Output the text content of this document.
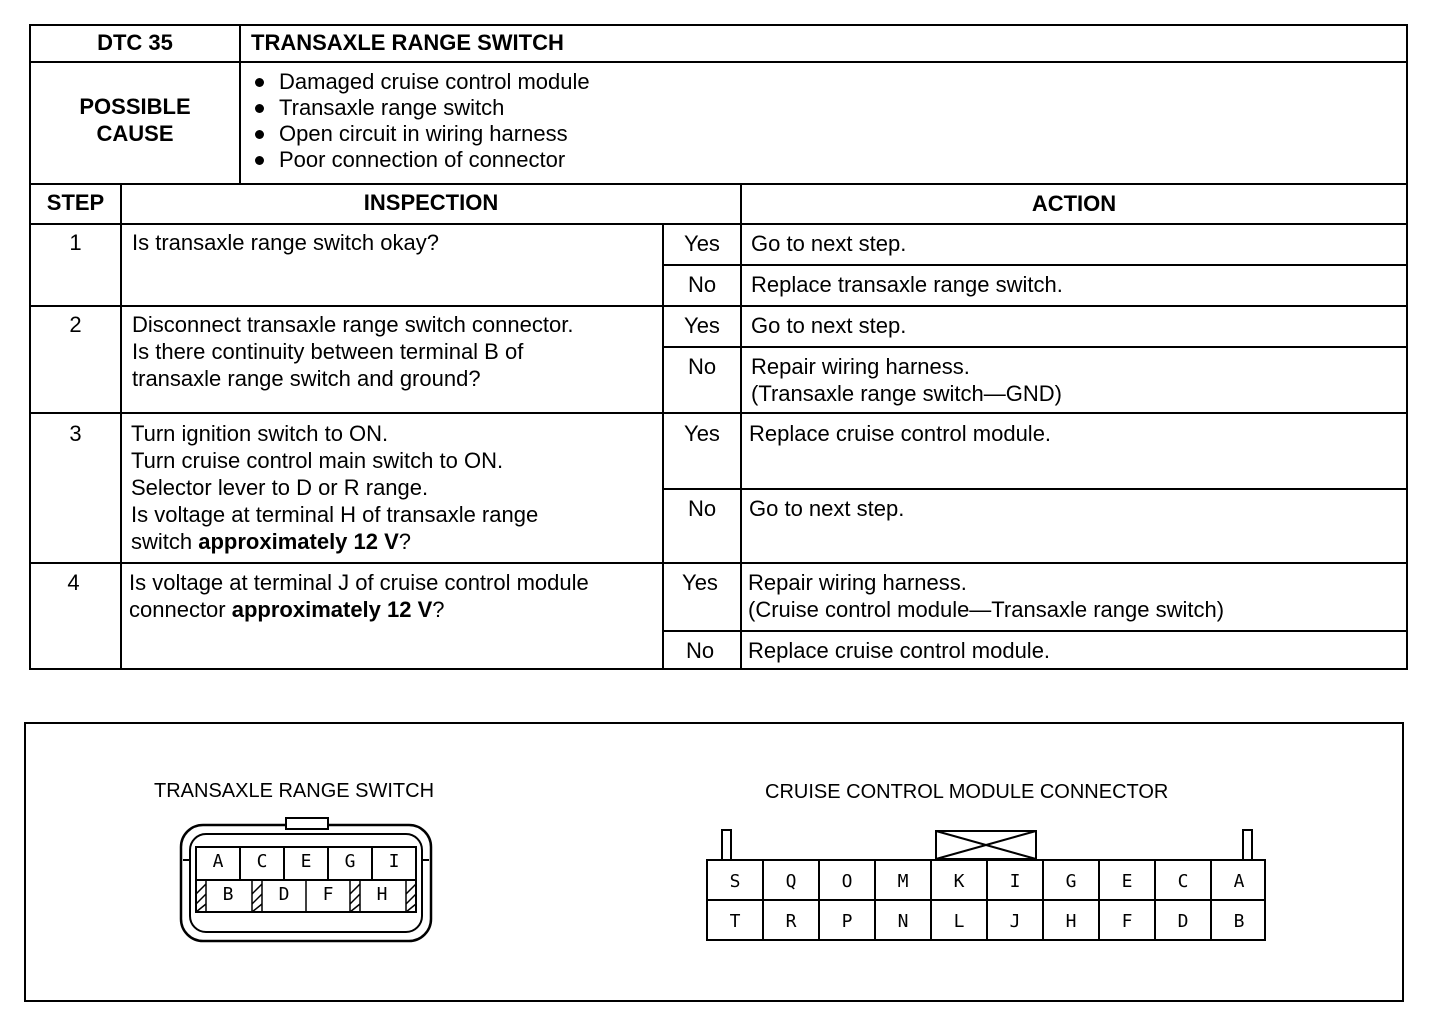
DTC 35	TRANSAXLE RANGE SWITCH
POSSIBLE
CAUSE
Damaged cruise control module
Transaxle range switch
Open circuit in wiring harness
Poor connection of connector
STEP	INSPECTION	ACTION
1	Is transaxle range switch okay?	Yes	Go to next step.
No	Replace transaxle range switch.
2	Disconnect transaxle range switch connector.
Is there continuity between terminal B of
transaxle range switch and ground?
Yes	Go to next step.
No	Repair wiring harness.
(Transaxle range switch—GND)
3	Turn ignition switch to ON.
Turn cruise control main switch to ON.
Selector lever to D or R range.
Is voltage at terminal H of transaxle range
switch approximately 12 V?
Yes	Replace cruise control module.
No	Go to next step.
4	Is voltage at terminal J of cruise control module
connector approximately 12 V?
Yes	Repair wiring harness.
(Cruise control module—Transaxle range switch)
No	Replace cruise control module.
TRANSAXLE RANGE SWITCH	CRUISE CONTROL MODULE CONNECTOR
A	C	E	G	I
B	D	F	H
S	Q	O	M	K	I	G	E	C	A
T	R	P	N	L	J	H	F	D	B
